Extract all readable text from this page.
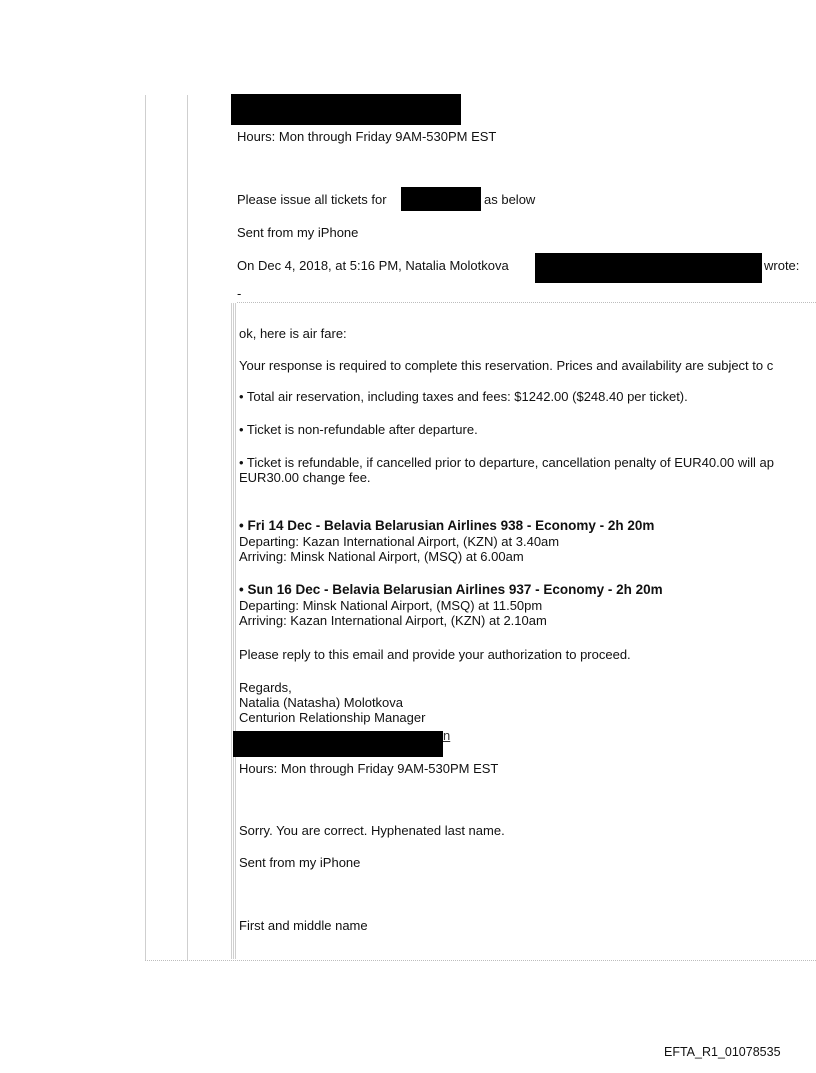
Hours: Mon through Friday 9AM-530PM EST
Please issue all tickets for	as below
Sent from my iPhone
On Dec 4, 2018, at 5:16 PM, Natalia Molotkova	wrote:
-
ok, here is air fare:
Your response is required to complete this reservation. Prices and availability are subject to c
• Total air reservation, including taxes and fees: $1242.00 ($248.40 per ticket).
• Ticket is non-refundable after departure.
• Ticket is refundable, if cancelled prior to departure, cancellation penalty of EUR40.00 will ap
EUR30.00 change fee.
• Fri 14 Dec - Belavia Belarusian Airlines 938 - Economy - 2h 20m
Departing: Kazan International Airport, (KZN) at 3.40am
Arriving: Minsk National Airport, (MSQ) at 6.00am
• Sun 16 Dec - Belavia Belarusian Airlines 937 - Economy - 2h 20m
Departing: Minsk National Airport, (MSQ) at 11.50pm
Arriving: Kazan International Airport, (KZN) at 2.10am
Please reply to this email and provide your authorization to proceed.
Regards,
Natalia (Natasha) Molotkova
Centurion Relationship Manager
n
Hours: Mon through Friday 9AM-530PM EST
Sorry. You are correct. Hyphenated last name.
Sent from my iPhone
First and middle name
EFTA_R1_01078535
